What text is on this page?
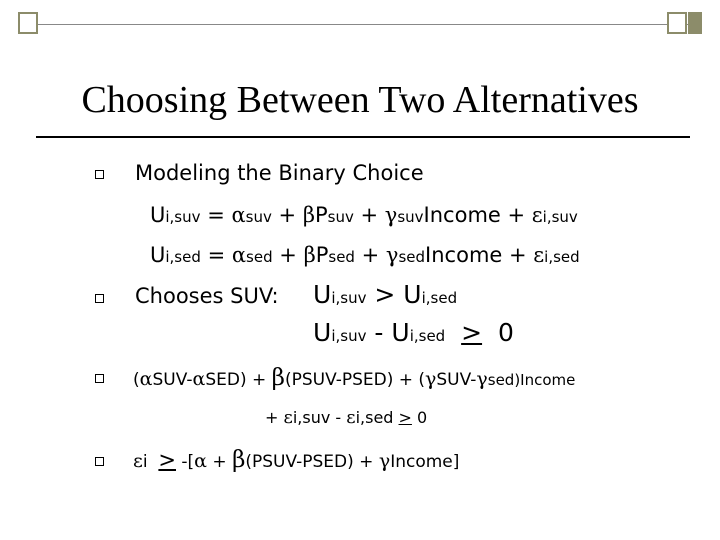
Choosing Between Two Alternatives
Modeling the Binary Choice
Ui,suv = αsuv + βPsuv + γsuvIncome + εi,suv
Ui,sed = αsed + βPsed + γsedIncome + εi,sed
Chooses SUV: Ui,suv > Ui,sed
Ui,suv - Ui,sed ≥ 0
(αSUV-αSED) + β(PSUV-PSED) + (γSUV-γsed)Income
+ εi,suv - εi,sed ≥ 0
εi  > -[α + β(PSUV-PSED) + γIncome]
